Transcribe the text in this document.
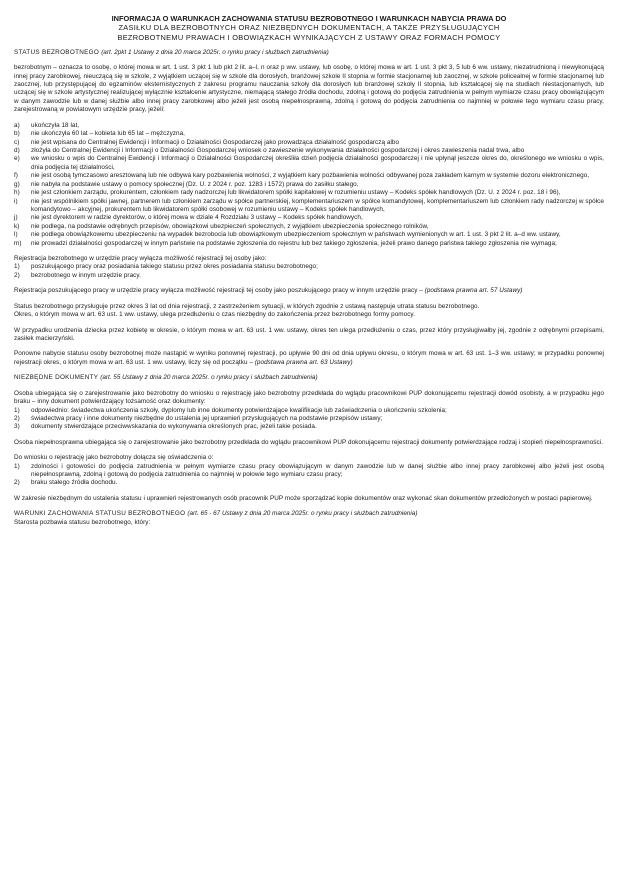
INFORMACJA O WARUNKACH ZACHOWANIA STATUSU BEZROBOTNEGO I WARUNKACH NABYCIA PRAWA DO
ZASIŁKU DLA BEZROBOTNYCH ORAZ NIEZBĘDNYCH DOKUMENTACH, A TAKŻE PRZYSŁUGUJĄCYCH
BEZROBOTNEMU PRAWACH I OBOWIĄZKACH WYNIKAJĄCYCH Z USTAWY ORAZ FORMACH POMOCY
STATUS BEZROBOTNEGO (art. 2pkt 1 Ustawy z dnia 20 marca 2025r. o rynku pracy i służbach zatrudnienia)

bezrobotnym – oznacza to osobę, o której mowa w art. 1 ust. 3 pkt 1 lub pkt 2 lit. a–l, n oraz p ww. ustawy, lub osobę, o której mowa w art. 1 ust. 3 pkt 3, 5 lub 6 ww. ustawy, niezatrudnioną i niewykonującą innej pracy zarobkowej, nieuczącą się w szkole, z wyjątkiem uczącej się w szkole dla dorosłych, branżowej szkole II stopnia w formie stacjonarnej lub zaocznej, w szkole policealnej w formie stacjonarnej lub zaocznej, lub przystępującej do egzaminów eksternistycznych z zakresu programu nauczania szkoły dla dorosłych lub branżowej szkoły II stopnia, lub kształcącej się na studiach niestacjonarnych, lub uczącej się w szkole artystycznej realizującej wyłącznie kształcenie artystyczne, niemającą stałego źródła dochodu, zdolną i gotową do podjęcia zatrudnienia w pełnym wymiarze czasu pracy obowiązującym w danym zawodzie lub w danej służbie albo innej pracy zarobkowej albo jeżeli jest osobą niepełnosprawną, zdolną i gotową do podjęcia zatrudnienia co najmniej w połowie tego wymiaru czasu pracy, zarejestrowaną w powiatowym urzędzie pracy, jeżeli:

a)	ukończyła 18 lat,
b)	nie ukończyła 60 lat – kobieta lub 65 lat – mężczyzna,
c)	nie jest wpisana do Centralnej Ewidencji i Informacji o Działalności Gospodarczej jako prowadząca działalność gospodarczą albo
d)	złożyła do Centralnej Ewidencji i Informacji o Działalności Gospodarczej wniosek o zawieszenie wykonywania działalności gospodarczej i okres zawieszenia nadal trwa, albo
e)	we wniosku o wpis do Centralnej Ewidencji i Informacji o Działalności Gospodarczej określiła dzień podjęcia działalności gospodarczej i nie upłynął jeszcze okres do, określonego we wniosku o wpis, dnia podjęcia tej działalności,
f)	nie jest osobą tymczasowo aresztowaną lub nie odbywa kary pozbawienia wolności, z wyjątkiem kary pozbawienia wolności odbywanej poza zakładem karnym w systemie dozoru elektronicznego,
g)	nie nabyła na podstawie ustawy o pomocy społecznej (Dz. U. z 2024 r. poz. 1283 i 1572) prawa do zasiłku stałego,
h)	nie jest członkiem zarządu, prokurentem, członkiem rady nadzorczej lub likwidatorem spółki kapitałowej w rozumieniu ustawy – Kodeks spółek handlowych (Dz. U. z 2024 r. poz. 18 i 96),
i)	nie jest wspólnikiem spółki jawnej, partnerem lub członkiem zarządu w spółce partnerskiej, komplementariuszem w spółce komandytowej, komplementariuszem lub członkiem rady nadzorczej w spółce komandytowo – akcyjnej, prokurentem lub likwidatorem spółki osobowej w rozumieniu ustawy – Kodeks spółek handlowych,
j)	nie jest dyrektorem w radzie dyrektorów, o której mowa w dziale 4 Rozdziału 3 ustawy – Kodeks spółek handlowych,
k)	nie podlega, na podstawie odrębnych przepisów, obowiązkowi ubezpieczeń społecznych, z wyjątkiem ubezpieczenia społecznego rolników,
l)	nie podlega obowiązkowemu ubezpieczeniu na wypadek bezrobocia lub obowiązkowym ubezpieczeniom społecznym w państwach wymienionych w art. 1 ust. 3 pkt 2 lit. a–d ww. ustawy,
m)	nie prowadzi działalności gospodarczej w innym państwie na podstawie zgłoszenia do rejestru lub bez takiego zgłoszenia, jeżeli prawo danego państwa takiego zgłoszenia nie wymaga;

Rejestracja bezrobotnego w urzędzie pracy wyłącza możliwość rejestracji tej osoby jako:

1)	poszukującego pracy oraz posiadania takiego statusu przez okres posiadania statusu bezrobotnego;
2)	bezrobotnego w innym urzędzie pracy.

Rejestracja poszukującego pracy w urzędzie pracy wyłącza możliwość rejestracji tej osoby jako poszukującego pracy w innym urzędzie pracy – (podstawa prawna art. 57 Ustawy)

Status bezrobotnego przysługuje przez okres 3 lat od dnia rejestracji, z zastrzeżeniem sytuacji, w których zgodnie z ustawą następuje utrata statusu bezrobotnego.
Okres, o którym mowa w art. 63 ust. 1 ww. ustawy, ulega przedłużeniu o czas niezbędny do zakończenia przez bezrobotnego formy pomocy.

W przypadku urodzenia dziecka przez kobietę w okresie, o którym mowa w art. 63 ust. 1 ww. ustawy, okres ten ulega przedłużeniu o czas, przez który przysługiwałby jej, zgodnie z odrębnymi przepisami, zasiłek macierzyński.

Ponowne nabycie statusu osoby bezrobotnej może nastąpić w wyniku ponownej rejestracji, po upływie 90 dni od dnia upływu okresu, o którym mowa w art. 63 ust. 1–3 ww. ustawy; w przypadku ponownej rejestracji okres, o którym mowa w art. 63 ust. 1 ww. ustawy, liczy się od początku – (podstawa prawna art. 63 Ustawy)

NIEZBĘDNE DOKUMENTY (art. 55 Ustawy z dnia 20 marca 2025r. o rynku pracy i służbach zatrudnienia)

Osoba ubiegająca się o zarejestrowanie jako bezrobotny do wniosku o rejestrację jako bezrobotny przedkłada do wglądu pracownikowi PUP dokonującemu rejestracji dowód osobisty, a w przypadku jego braku – inny dokument potwierdzający tożsamość oraz dokumenty:

1)	odpowiednio: świadectwa ukończenia szkoły, dyplomy lub inne dokumenty potwierdzające kwalifikacje lub zaświadczenia o ukończeniu szkolenia;
2)	świadectwa pracy i inne dokumenty niezbędne do ustalenia jej uprawnień przysługujących na podstawie przepisów ustawy;
3)	dokumenty stwierdzające przeciwwskazania do wykonywania określonych prac, jeżeli takie posiada.

Osoba niepełnosprawna ubiegająca się o zarejestrowanie jako bezrobotny przedkłada do wglądu pracownikowi PUP dokonującemu rejestracji dokumenty potwierdzające rodzaj i stopień niepełnosprawności.

Do wniosku o rejestrację jako bezrobotny dołącza się oświadczenia o:

1)	zdolności i gotowości do podjęcia zatrudnienia w pełnym wymiarze czasu pracy obowiązującym w danym zawodzie lub w danej służbie albo innej pracy zarobkowej albo jeżeli jest osobą niepełnosprawną, zdolną i gotową do podjęcia zatrudnienia co najmniej w połowie tego wymiaru czasu pracy;
2)	braku stałego źródła dochodu.

W zakresie niezbędnym do ustalenia statusu i uprawnień rejestrowanych osób pracownik PUP może sporządzać kopie dokumentów oraz wykonać skan dokumentów przedłożonych w postaci papierowej.

WARUNKI ZACHOWANIA STATUSU BEZROBOTNEGO (art. 65 - 67 Ustawy z dnia 20 marca 2025r. o rynku pracy i służbach zatrudnienia)

Starosta pozbawia statusu bezrobotnego, który:
